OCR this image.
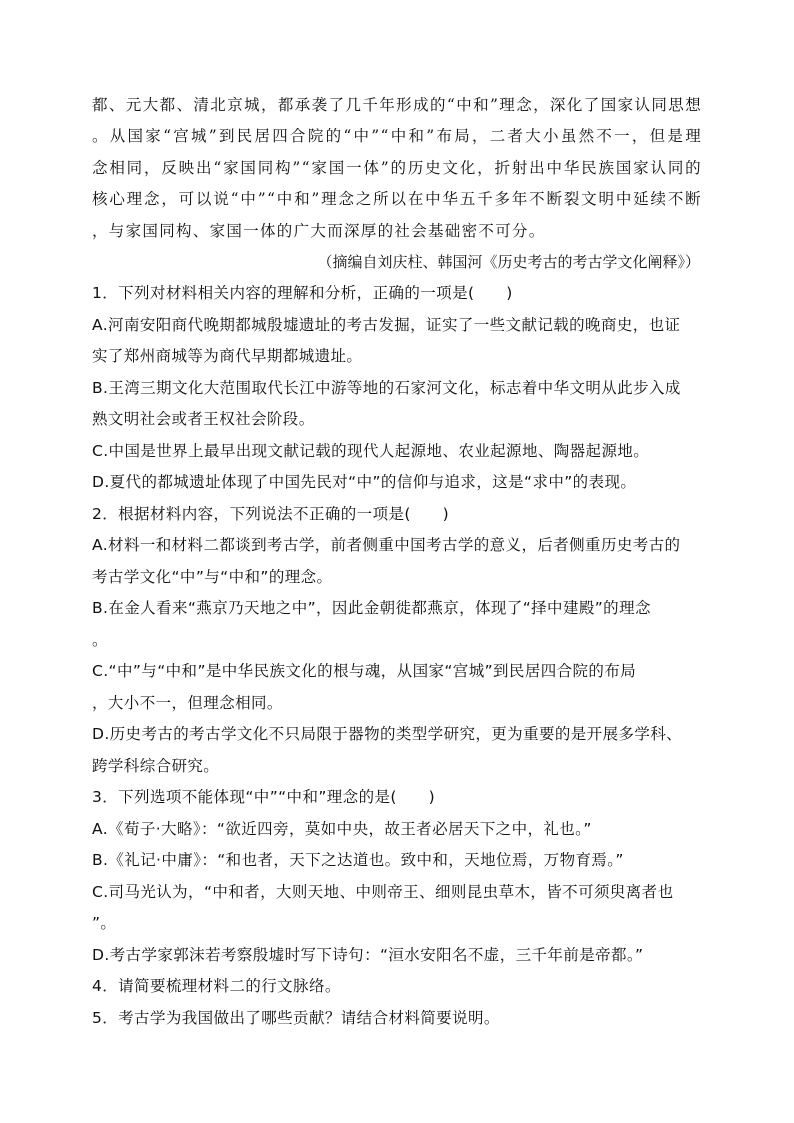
都、元大都、清北京城，都承袭了几千年形成的“中和”理念，深化了国家认同思想
。从国家“宫城”到民居四合院的“中”“中和”布局，二者大小虽然不一，但是理
念相同，反映出“家国同构”“家国一体”的历史文化，折射出中华民族国家认同的
核心理念，可以说“中”“中和”理念之所以在中华五千多年不断裂文明中延续不断
，与家国同构、家国一体的广大而深厚的社会基础密不可分。
（摘编自刘庆柱、韩国河《历史考古的考古学文化阐释》）
1．下列对材料相关内容的理解和分析，正确的一项是(　　)
A.河南安阳商代晚期都城殷墟遗址的考古发掘，证实了一些文献记载的晚商史，也证
实了郑州商城等为商代早期都城遗址。
B.王湾三期文化大范围取代长江中游等地的石家河文化，标志着中华文明从此步入成
熟文明社会或者王权社会阶段。
C.中国是世界上最早出现文献记载的现代人起源地、农业起源地、陶器起源地。
D.夏代的都城遗址体现了中国先民对“中”的信仰与追求，这是“求中”的表现。
2．根据材料内容，下列说法不正确的一项是(　　)
A.材料一和材料二都谈到考古学，前者侧重中国考古学的意义，后者侧重历史考古的
考古学文化“中”与“中和”的理念。
B.在金人看来“燕京乃天地之中”，因此金朝徙都燕京，体现了“择中建殿”的理念
。
C.“中”与“中和”是中华民族文化的根与魂，从国家“宫城”到民居四合院的布局
，大小不一，但理念相同。
D.历史考古的考古学文化不只局限于器物的类型学研究，更为重要的是开展多学科、
跨学科综合研究。
3．下列选项不能体现“中”“中和”理念的是(　　)
A.《荀子·大略》：“欲近四旁，莫如中央，故王者必居天下之中，礼也。”
B.《礼记·中庸》：“和也者，天下之达道也。致中和，天地位焉，万物育焉。”
C.司马光认为，“中和者，大则天地、中则帝王、细则昆虫草木，皆不可须臾离者也
”。
D.考古学家郭沫若考察殷墟时写下诗句：“洹水安阳名不虚，三千年前是帝都。”
4．请简要梳理材料二的行文脉络。
5．考古学为我国做出了哪些贡献？请结合材料简要说明。
